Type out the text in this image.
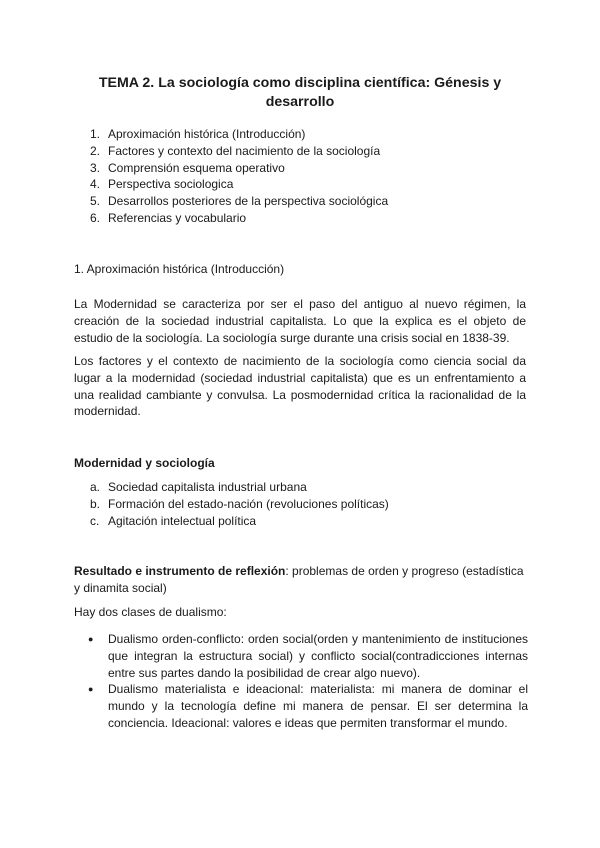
TEMA 2. La sociología como disciplina científica: Génesis y
desarrollo
1. Aproximación histórica (Introducción)
2. Factores y contexto del nacimiento de la sociología
3. Comprensión esquema operativo
4. Perspectiva sociologica
5. Desarrollos posteriores de la perspectiva sociológica
6. Referencias y vocabulario
1. Aproximación histórica (Introducción)

La Modernidad se caracteriza por ser el paso del antiguo al nuevo régimen, la creación de la sociedad industrial capitalista. Lo que la explica es el objeto de estudio de la sociología. La sociología surge durante una crisis social en 1838-39.

Los factores y el contexto de nacimiento de la sociología como ciencia social da lugar a la modernidad (sociedad industrial capitalista) que es un enfrentamiento a una realidad cambiante y convulsa. La posmodernidad crítica la racionalidad de la modernidad.

Modernidad y sociología
a. Sociedad capitalista industrial urbana
b. Formación del estado-nación (revoluciones políticas)
c. Agitación intelectual política

Resultado e instrumento de reflexión: problemas de orden y progreso (estadística y dinamita social)

Hay dos clases de dualismo:
●	Dualismo orden-conflicto: orden social(orden y mantenimiento de instituciones que integran la estructura social) y conflicto social(contradicciones internas entre sus partes dando la posibilidad de crear algo nuevo).
●	Dualismo materialista e ideacional: materialista: mi manera de dominar el mundo y la tecnología define mi manera de pensar. El ser determina la conciencia. Ideacional: valores e ideas que permiten transformar el mundo.
